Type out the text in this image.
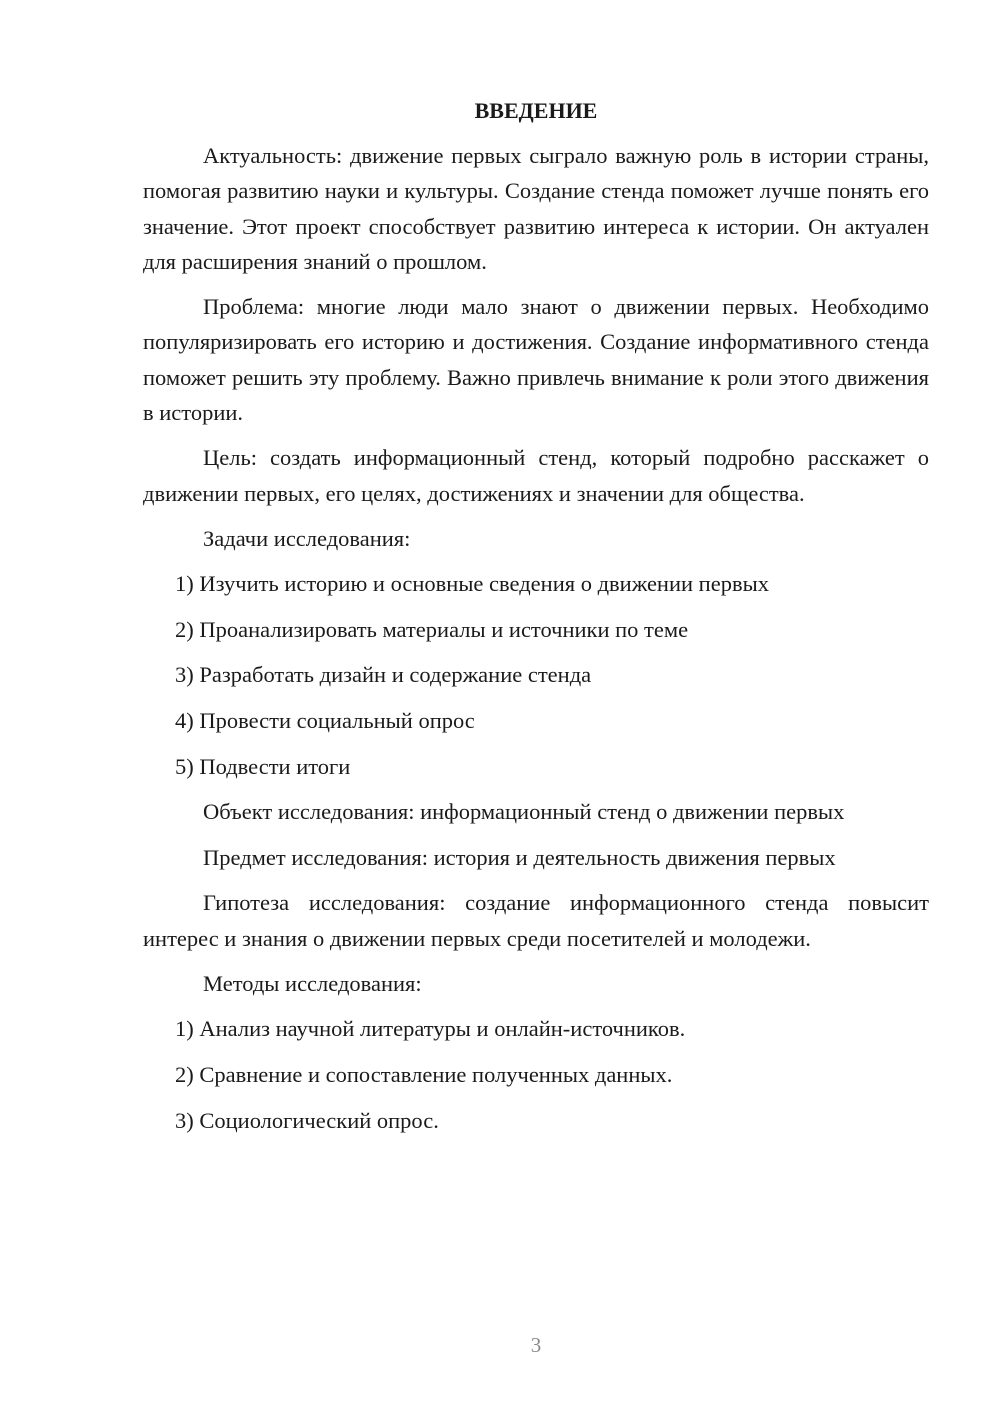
ВВЕДЕНИЕ

Актуальность: движение первых сыграло важную роль в истории страны, помогая развитию науки и культуры. Создание стенда поможет лучше понять его значение. Этот проект способствует развитию интереса к истории. Он актуален для расширения знаний о прошлом.

Проблема: многие люди мало знают о движении первых. Необходимо популяризировать его историю и достижения. Создание информативного стенда поможет решить эту проблему. Важно привлечь внимание к роли этого движения в истории.

Цель: создать информационный стенд, который подробно расскажет о движении первых, его целях, достижениях и значении для общества.

Задачи исследования:

1) Изучить историю и основные сведения о движении первых
2) Проанализировать материалы и источники по теме
3) Разработать дизайн и содержание стенда
4) Провести социальный опрос
5) Подвести итоги

Объект исследования: информационный стенд о движении первых

Предмет исследования: история и деятельность движения первых

Гипотеза исследования: создание информационного стенда повысит интерес и знания о движении первых среди посетителей и молодежи.

Методы исследования:

1) Анализ научной литературы и онлайн-источников.
2) Сравнение и сопоставление полученных данных.
3) Социологический опрос.
3
